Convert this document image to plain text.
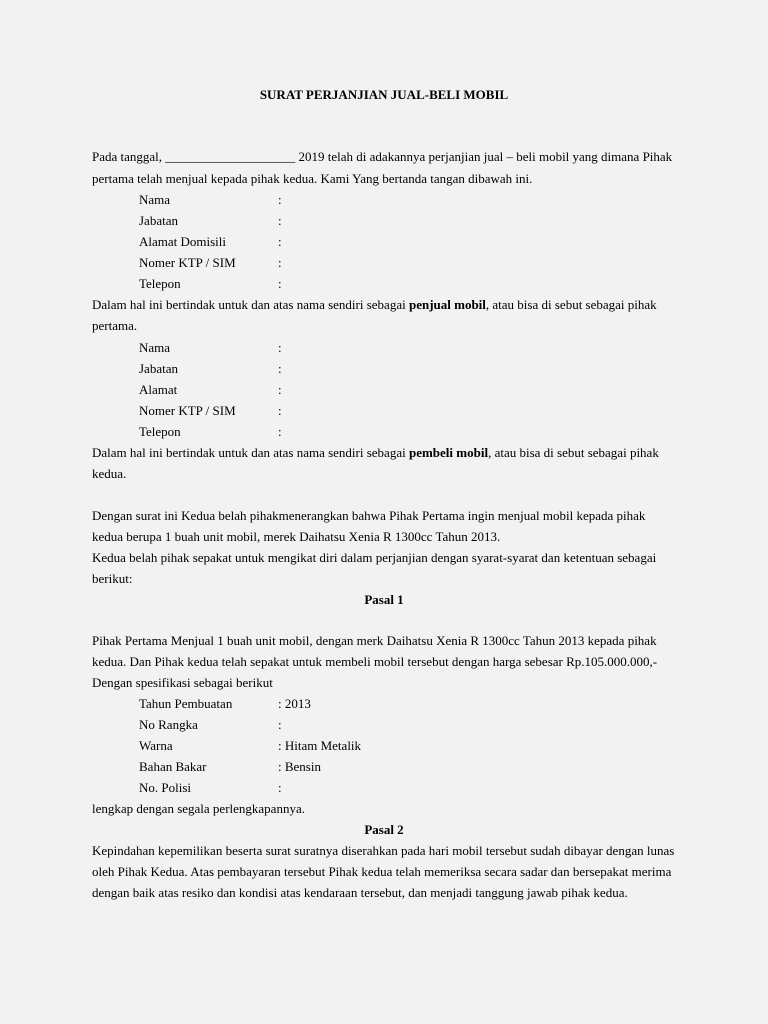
SURAT PERJANJIAN JUAL-BELI MOBIL
Pada tanggal, ____________________ 2019 telah di adakannya perjanjian jual – beli mobil yang dimana Pihak
pertama telah menjual kepada pihak kedua. Kami Yang bertanda tangan dibawah ini.
Nama	:
Jabatan	:
Alamat Domisili	:
Nomer KTP / SIM	:
Telepon	:
Dalam hal ini bertindak untuk dan atas nama sendiri sebagai penjual mobil, atau bisa di sebut sebagai pihak
pertama.
Nama	:
Jabatan	:
Alamat	:
Nomer KTP / SIM	:
Telepon	:
Dalam hal ini bertindak untuk dan atas nama sendiri sebagai pembeli mobil, atau bisa di sebut sebagai pihak
kedua.
Dengan surat ini Kedua belah pihakmenerangkan bahwa Pihak Pertama ingin menjual mobil kepada pihak
kedua berupa 1 buah unit mobil, merek Daihatsu Xenia R 1300cc Tahun 2013.
Kedua belah pihak sepakat untuk mengikat diri dalam perjanjian dengan syarat-syarat dan ketentuan sebagai
berikut:
Pasal 1
Pihak Pertama Menjual 1 buah unit mobil, dengan merk Daihatsu Xenia R 1300cc Tahun 2013 kepada pihak
kedua. Dan Pihak kedua telah sepakat untuk membeli mobil tersebut dengan harga sebesar Rp.105.000.000,-
Dengan spesifikasi sebagai berikut
Tahun Pembuatan	: 2013
No Rangka	:
Warna	: Hitam Metalik
Bahan Bakar	: Bensin
No. Polisi	:
lengkap dengan segala perlengkapannya.
Pasal 2
Kepindahan kepemilikan beserta surat suratnya diserahkan pada hari mobil tersebut sudah dibayar dengan lunas
oleh Pihak Kedua. Atas pembayaran tersebut Pihak kedua telah memeriksa secara sadar dan bersepakat merima
dengan baik atas resiko dan kondisi atas kendaraan tersebut, dan menjadi tanggung jawab pihak kedua.
